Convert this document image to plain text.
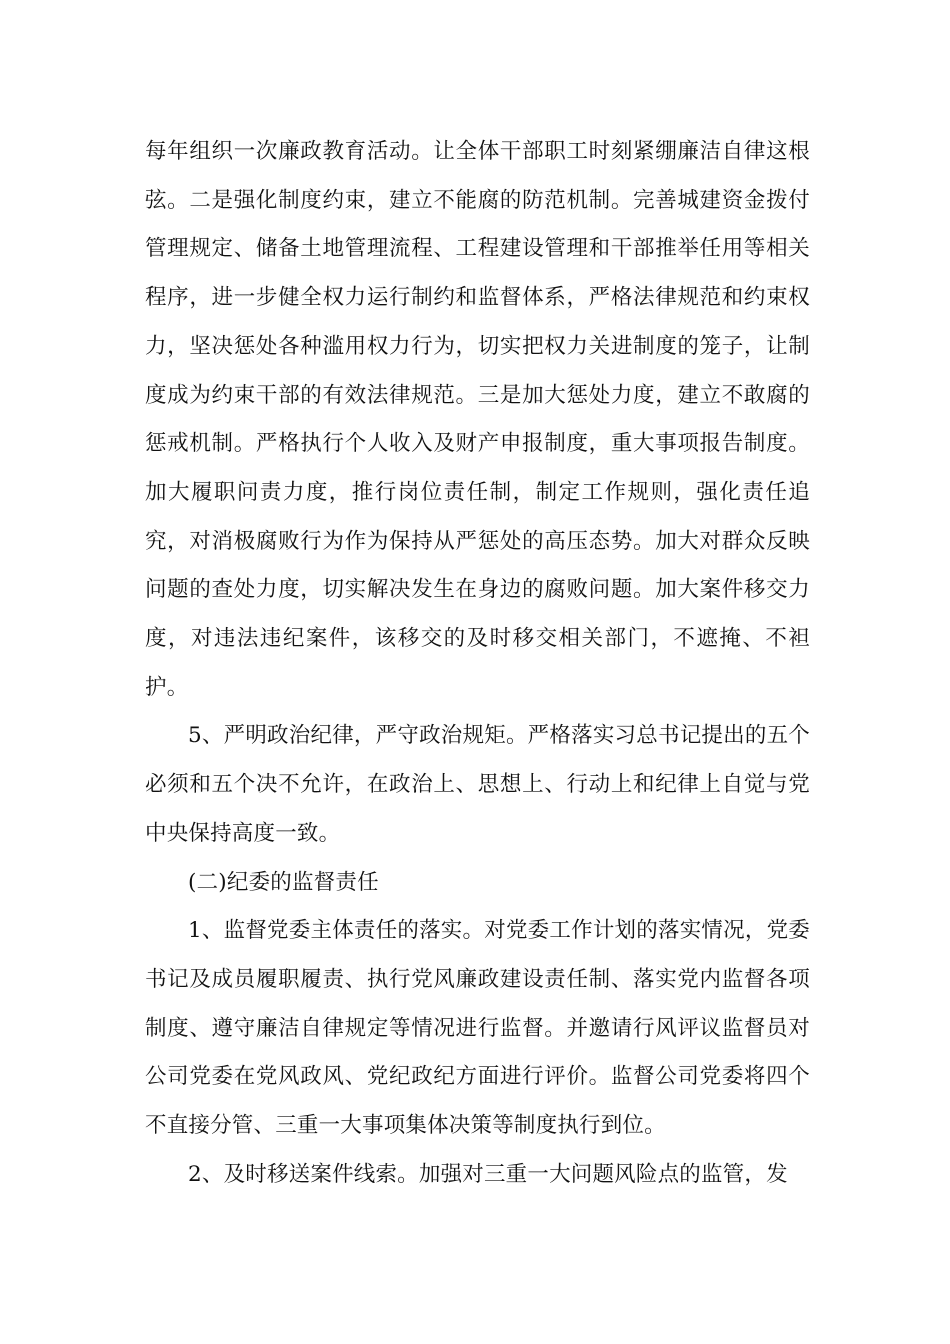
每年组织一次廉政教育活动。让全体干部职工时刻紧绷廉洁自律这根弦。二是强化制度约束，建立不能腐的防范机制。完善城建资金拨付管理规定、储备土地管理流程、工程建设管理和干部推举任用等相关程序，进一步健全权力运行制约和监督体系，严格法律规范和约束权力，坚决惩处各种滥用权力行为，切实把权力关进制度的笼子，让制度成为约束干部的有效法律规范。三是加大惩处力度，建立不敢腐的惩戒机制。严格执行个人收入及财产申报制度，重大事项报告制度。加大履职问责力度，推行岗位责任制，制定工作规则，强化责任追究，对消极腐败行为作为保持从严惩处的高压态势。加大对群众反映问题的查处力度，切实解决发生在身边的腐败问题。加大案件移交力度，对违法违纪案件，该移交的及时移交相关部门，不遮掩、不袒护。

5、严明政治纪律，严守政治规矩。严格落实习总书记提出的五个必须和五个决不允许，在政治上、思想上、行动上和纪律上自觉与党中央保持高度一致。

(二)纪委的监督责任

1、监督党委主体责任的落实。对党委工作计划的落实情况，党委书记及成员履职履责、执行党风廉政建设责任制、落实党内监督各项制度、遵守廉洁自律规定等情况进行监督。并邀请行风评议监督员对公司党委在党风政风、党纪政纪方面进行评价。监督公司党委将四个不直接分管、三重一大事项集体决策等制度执行到位。

2、及时移送案件线索。加强对三重一大问题风险点的监管，发
